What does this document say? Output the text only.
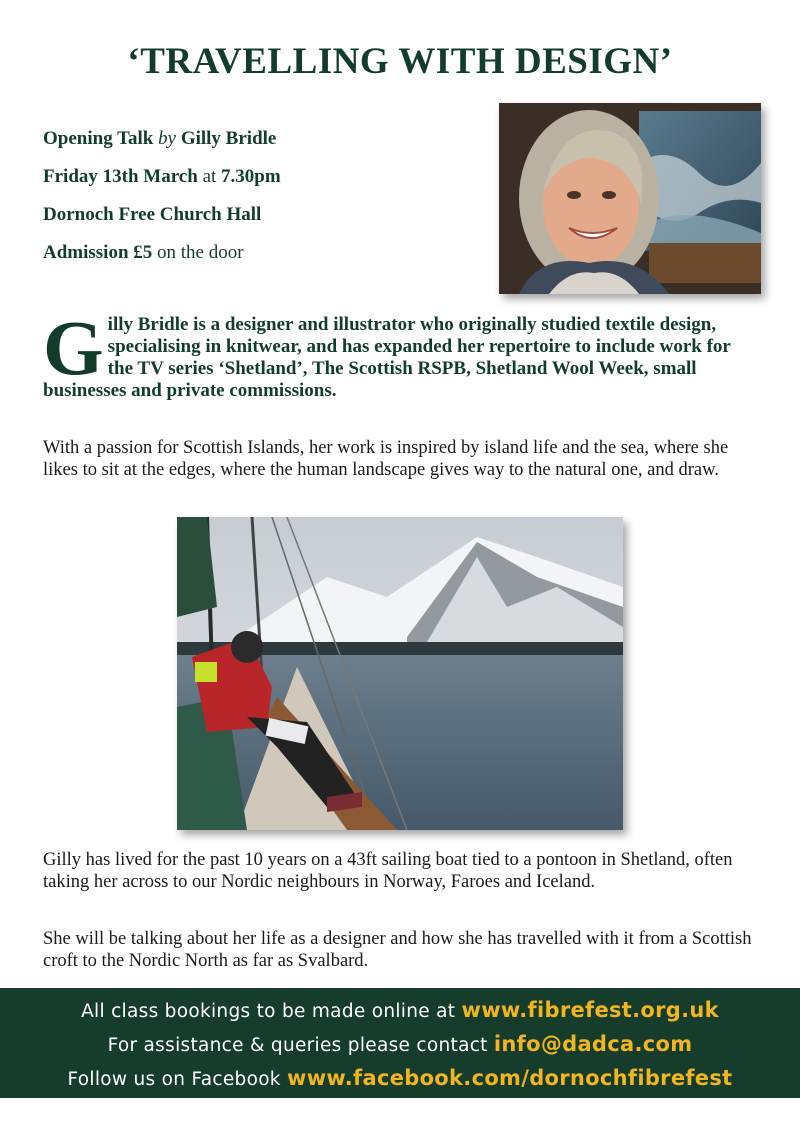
‘TRAVELLING WITH DESIGN’
Opening Talk by Gilly Bridle
Friday 13th March at 7.30pm
Dornoch Free Church Hall
Admission £5 on the door
G illy Bridle is a designer and illustrator who originally studied textile design, specialising in knitwear, and has expanded her repertoire to include work for the TV series ‘Shetland’, The Scottish RSPB, Shetland Wool Week, small businesses and private commissions.
With a passion for Scottish Islands, her work is inspired by island life and the sea, where she likes to sit at the edges, where the human landscape gives way to the natural one, and draw.
Gilly has lived for the past 10 years on a 43ft sailing boat tied to a pontoon in Shetland, often taking her across to our Nordic neighbours in Norway, Faroes and Iceland.
She will be talking about her life as a designer and how she has travelled with it from a Scottish croft to the Nordic North as far as Svalbard.
All class bookings to be made online at www.fibrefest.org.uk
For assistance & queries please contact info@dadca.com
Follow us on Facebook www.facebook.com/dornochfibrefest
